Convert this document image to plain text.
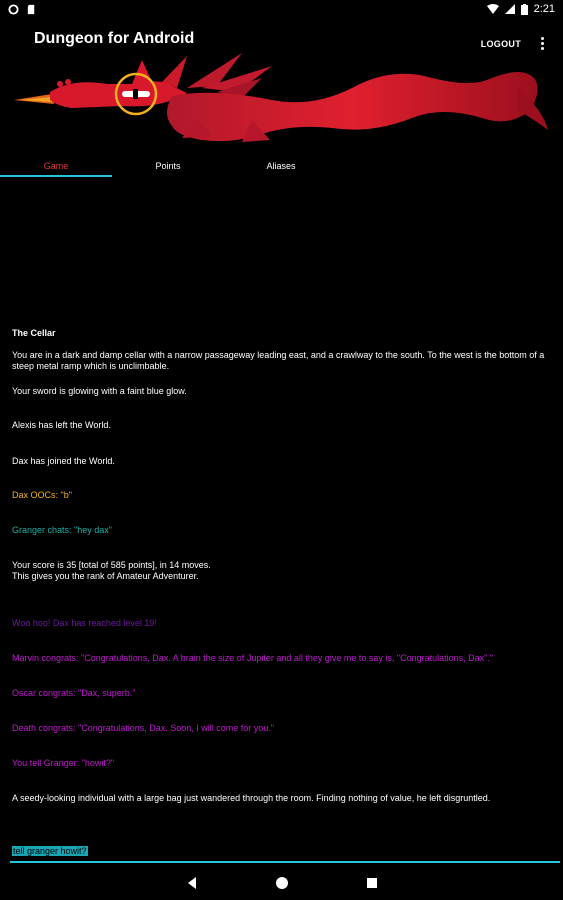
2:21
Dungeon for Android	LOGOUT
Game	Points	Aliases
The Cellar
You are in a dark and damp cellar with a narrow passageway leading east, and a crawlway to the south. To the west is the bottom of a steep metal ramp which is unclimbable.
Your sword is glowing with a faint blue glow.
Alexis has left the World.
Dax has joined the World.
Dax OOCs: "b"
Granger chats: "hey dax"
Your score is 35 [total of 585 points], in 14 moves.
This gives you the rank of Amateur Adventurer.
Woo hoo! Dax has reached level 19!
Marvin congrats: "Congratulations, Dax. A brain the size of Jupiter and all they give me to say is, "Congratulations, Dax"."
Oscar congrats: "Dax, superb."
Death congrats: "Congratulations, Dax. Soon, I will come for you."
You tell Granger: "howit?"
A seedy-looking individual with a large bag just wandered through the room. Finding nothing of value, he left disgruntled.
tell granger howit?
